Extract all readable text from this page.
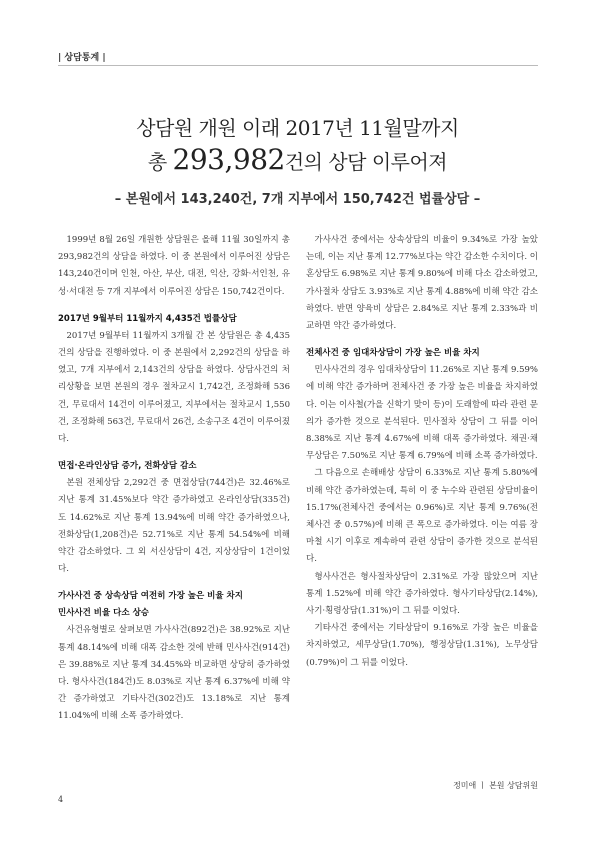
| 상담통계 |
상담원 개원 이래 2017년 11월말까지
총 293,982건의 상담 이루어져
– 본원에서 143,240건, 7개 지부에서 150,742건 법률상담 –

1999년 8월 26일 개원한 상담원은 올해 11월 30일까지 총 293,982건의 상담을 하였다. 이 중 본원에서 이루어진 상담은 143,240건이며 인천, 아산, 부산, 대전, 익산, 강화·서인천, 유성·서대전 등 7개 지부에서 이루어진 상담은 150,742건이다.

2017년 9월부터 11월까지 4,435건 법률상담

2017년 9월부터 11월까지 3개월 간 본 상담원은 총 4,435건의 상담을 진행하였다. 이 중 본원에서 2,292건의 상담을 하였고, 7개 지부에서 2,143건의 상담을 하였다. 상담사건의 처리상황을 보면 본원의 경우 절차교시 1,742건, 조정화해 536건, 무료대서 14건이 이루어졌고, 지부에서는 절차교시 1,550건, 조정화해 563건, 무료대서 26건, 소송구조 4건이 이루어졌다.

면접·온라인상담 증가, 전화상담 감소

본원 전체상담 2,292건 중 면접상담(744건)은 32.46%로 지난 통계 31.45%보다 약간 증가하였고 온라인상담(335건)도 14.62%로 지난 통계 13.94%에 비해 약간 증가하였으나, 전화상담(1,208건)은 52.71%로 지난 통계 54.54%에 비해 약간 감소하였다. 그 외 서신상담이 4건, 지상상담이 1건이었다.

가사사건 중 상속상담 여전히 가장 높은 비율 차지
민사사건 비율 다소 상승

사건유형별로 살펴보면 가사사건(892건)은 38.92%로 지난 통계 48.14%에 비해 대폭 감소한 것에 반해 민사사건(914건)은 39.88%로 지난 통계 34.45%와 비교하면 상당히 증가하였다. 형사사건(184건)도 8.03%로 지난 통계 6.37%에 비해 약간 증가하였고 기타사건(302건)도 13.18%로 지난 통계 11.04%에 비해 소폭 증가하였다.

가사사건 중에서는 상속상담의 비율이 9.34%로 가장 높았는데, 이는 지난 통계 12.77%보다는 약간 감소한 수치이다. 이혼상담도 6.98%로 지난 통계 9.80%에 비해 다소 감소하였고, 가사절차 상담도 3.93%로 지난 통계 4.88%에 비해 약간 감소하였다. 반면 양육비 상담은 2.84%로 지난 통계 2.33%과 비교하면 약간 증가하였다.

전체사건 중 임대차상담이 가장 높은 비율 차지

민사사건의 경우 임대차상담이 11.26%로 지난 통계 9.59%에 비해 약간 증가하며 전체사건 중 가장 높은 비율을 차지하였다. 이는 이사철(가을 신학기 맞이 등)이 도래함에 따라 관련 문의가 증가한 것으로 분석된다. 민사절차 상담이 그 뒤를 이어 8.38%로 지난 통계 4.67%에 비해 대폭 증가하였다. 채권·채무상담은 7.50%로 지난 통계 6.79%에 비해 소폭 증가하였다.

그 다음으로 손해배상 상담이 6.33%로 지난 통계 5.80%에 비해 약간 증가하였는데, 특히 이 중 누수와 관련된 상담비율이 15.17%(전체사건 중에서는 0.96%)로 지난 통계 9.76%(전체사건 중 0.57%)에 비해 큰 폭으로 증가하였다. 이는 여름 장마철 시기 이후로 계속하여 관련 상담이 증가한 것으로 분석된다.

형사사건은 형사절차상담이 2.31%로 가장 많았으며 지난 통계 1.52%에 비해 약간 증가하였다. 형사기타상담(2.14%), 사기·횡령상담(1.31%)이 그 뒤를 이었다.

기타사건 중에서는 기타상담이 9.16%로 가장 높은 비율을 차지하였고, 세무상담(1.70%), 행정상담(1.31%), 노무상담(0.79%)이 그 뒤를 이었다.

정미애 ㅣ 본원 상담위원
4
